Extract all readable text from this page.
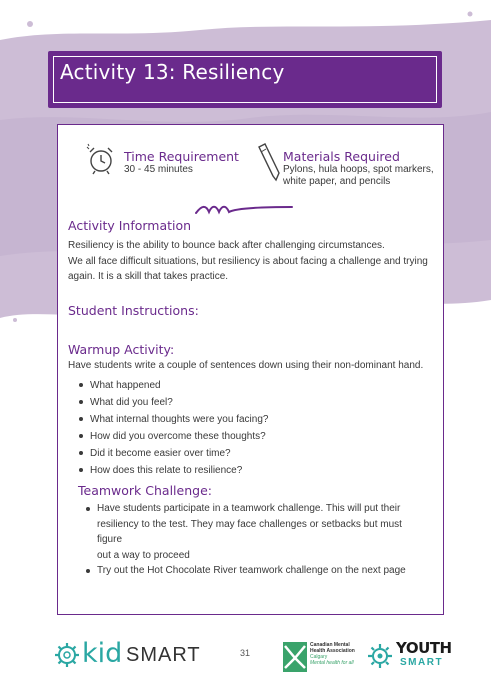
Activity 13: Resiliency
Time Requirement
30 - 45 minutes
Materials Required
Pylons, hula hoops, spot markers,
white paper, and pencils
Activity Information
Resiliency is the ability to bounce back after challenging circumstances.
We all face difficult situations, but resiliency is about facing a challenge and trying
again. It is a skill that takes practice.
Student Instructions:
Warmup Activity:
Have students write a couple of sentences down using their non-dominant hand.
What happened
What did you feel?
What internal thoughts were you facing?
How did you overcome these thoughts?
Did it become easier over time?
How does this relate to resilience?
Teamwork Challenge:
Have students participate in a teamwork challenge. This will put their
resiliency to the test. They may face challenges or setbacks but must figure
out a way to proceed
Try out the Hot Chocolate River teamwork challenge on the next page
kid SMART	31
Canadian Mental
Health Association
Calgary
Mental health for all
YOUTH
SMART
